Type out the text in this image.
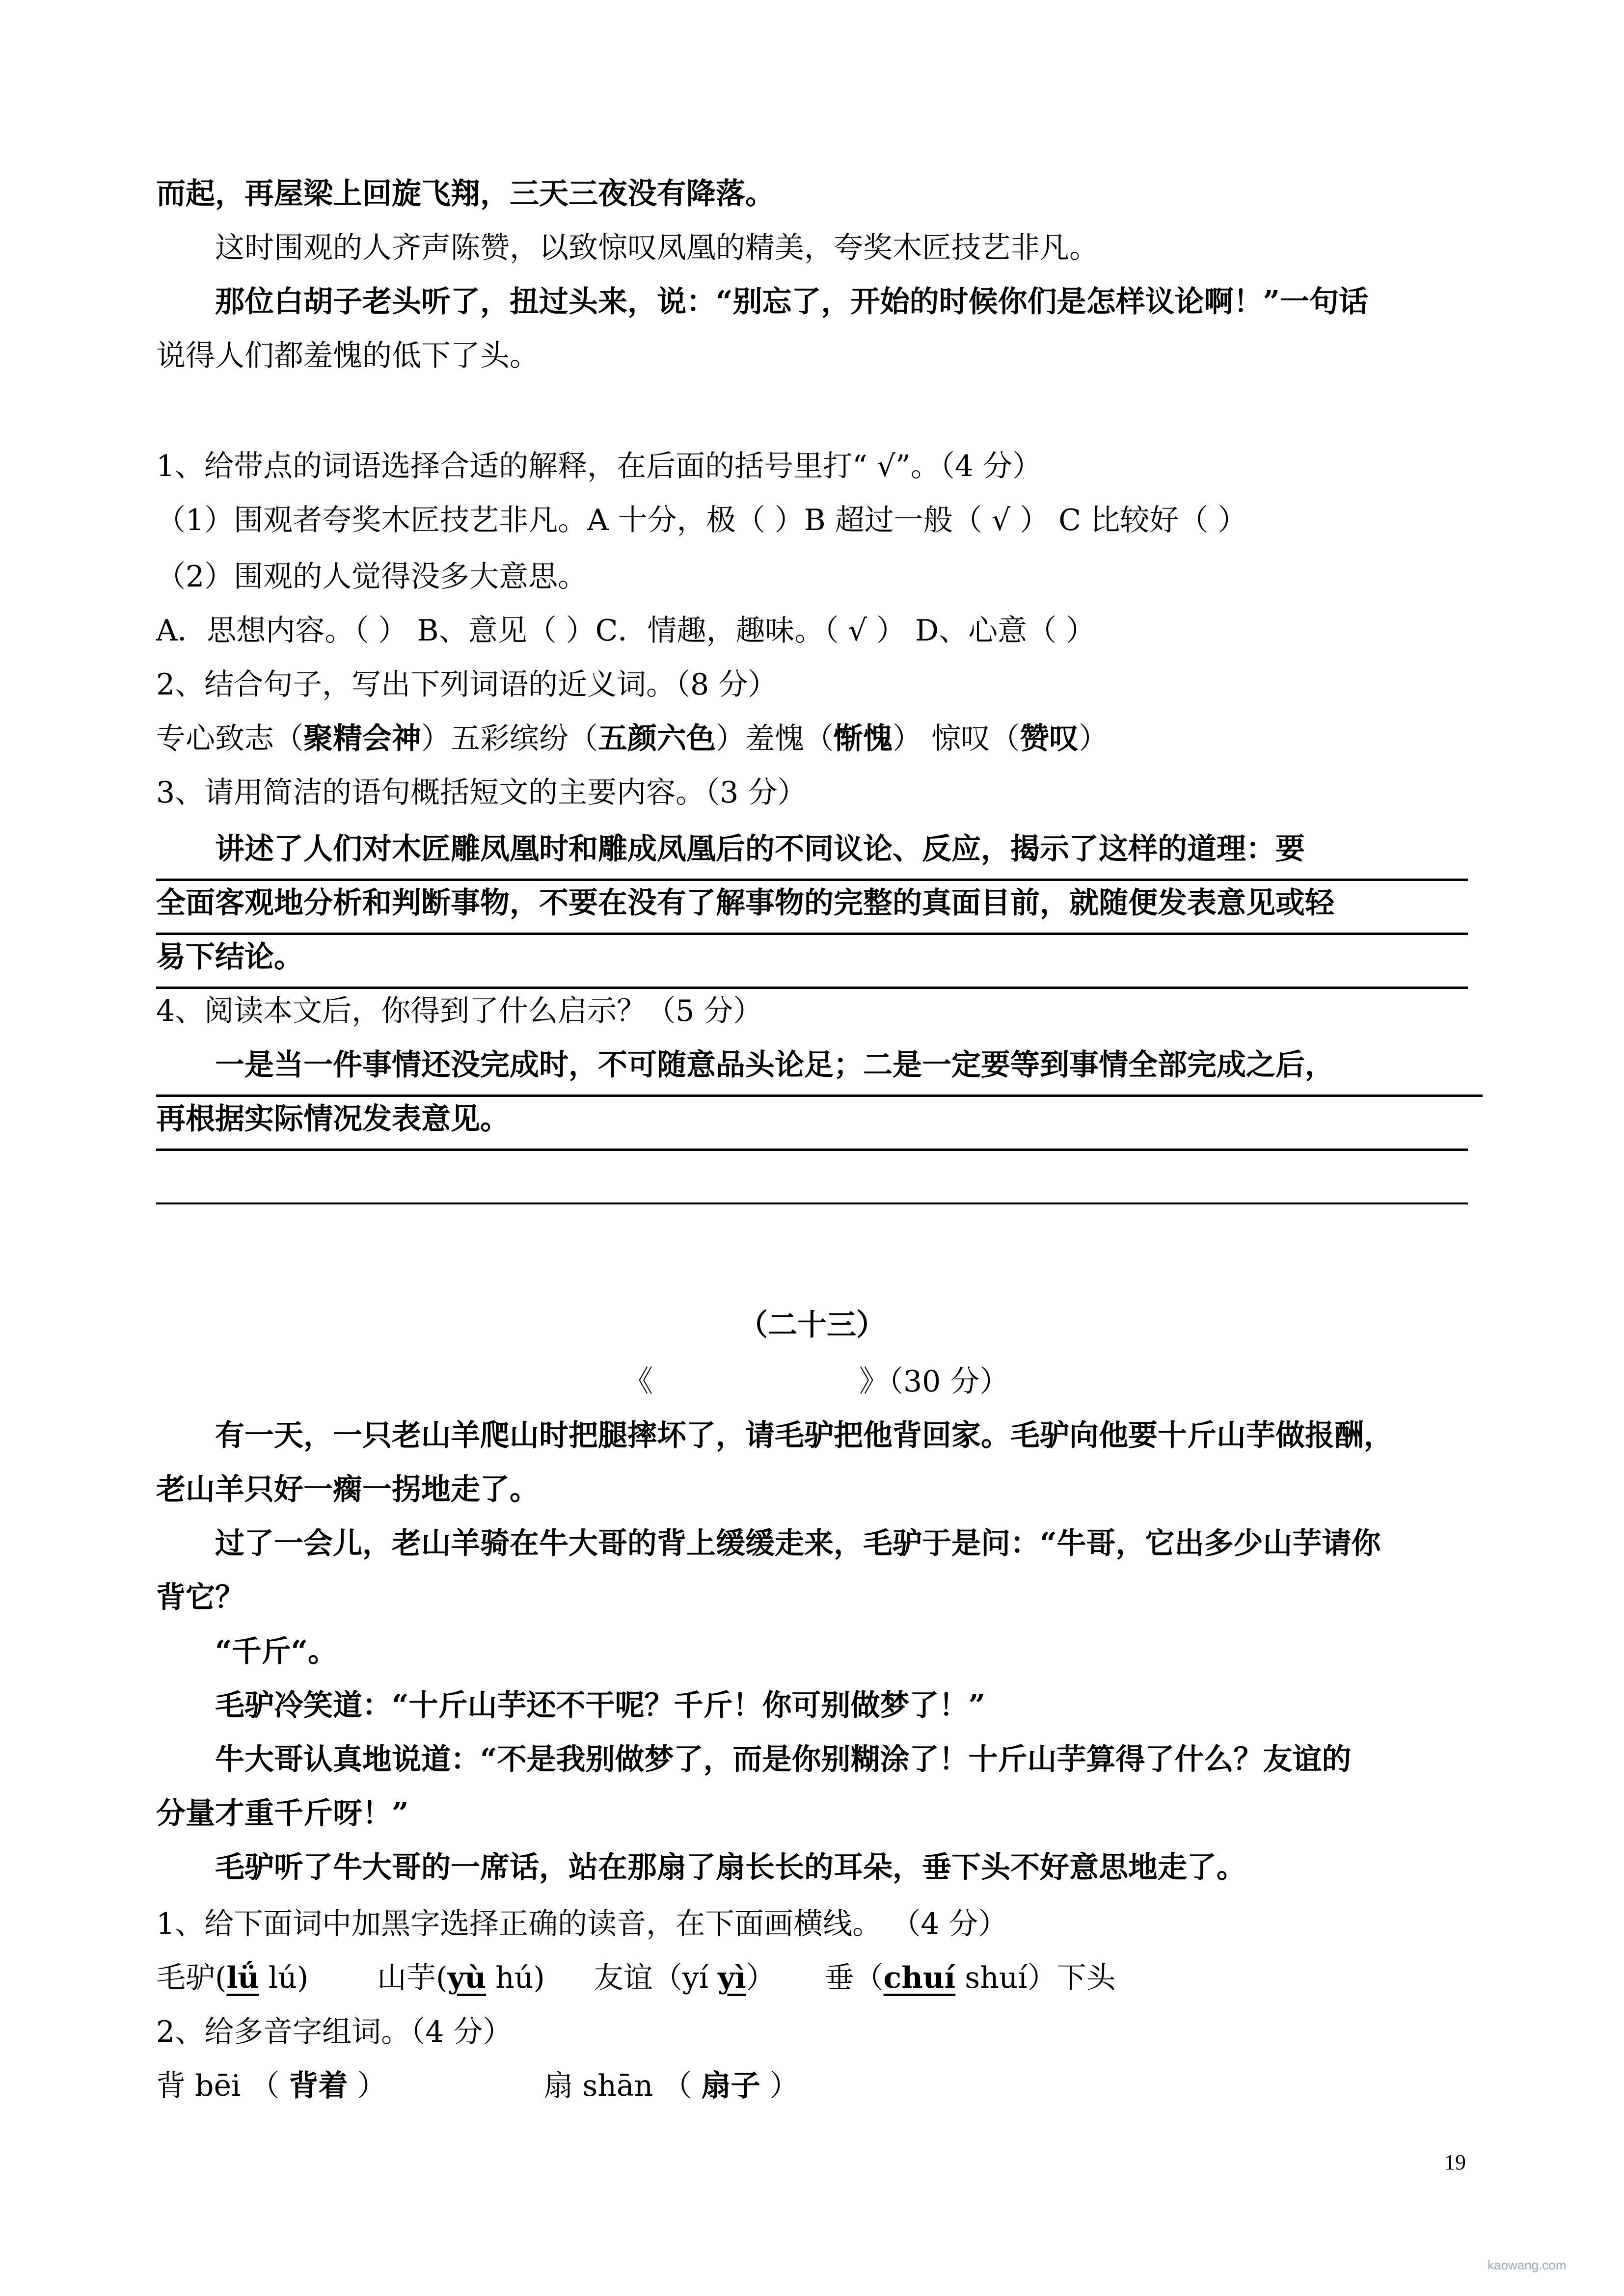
而起，再屋梁上回旋飞翔，三天三夜没有降落。
这时围观的人齐声陈赞，以致惊叹凤凰的精美，夸奖木匠技艺非凡。
那位白胡子老头听了，扭过头来，说：“别忘了，开始的时候你们是怎样议论啊！”一句话
说得人们都羞愧的低下了头。
1、给带点的词语选择合适的解释，在后面的括号里打“ √”。（4 分）
（1）围观者夸奖木匠技艺非凡。A 十分，极（ ）B 超过一般（ √ ） C 比较好（ ）
（2）围观的人觉得没多大意思。
A．思想内容。（ ） B、意见（ ）C．情趣，趣味。（ √ ） D、心意（ ）
2、结合句子，写出下列词语的近义词。（8 分）
专心致志（聚精会神）五彩缤纷（五颜六色）羞愧（惭愧） 惊叹（赞叹）
3、请用简洁的语句概括短文的主要内容。（3 分）
讲述了人们对木匠雕凤凰时和雕成凤凰后的不同议论、反应，揭示了这样的道理：要
全面客观地分析和判断事物，不要在没有了解事物的完整的真面目前，就随便发表意见或轻
易下结论。
4、阅读本文后，你得到了什么启示？（5 分）
一是当一件事情还没完成时，不可随意品头论足；二是一定要等到事情全部完成之后，
再根据实际情况发表意见。
（二十三）
《	》（30 分）
有一天，一只老山羊爬山时把腿摔坏了，请毛驴把他背回家。毛驴向他要十斤山芋做报酬，
老山羊只好一瘸一拐地走了。
过了一会儿，老山羊骑在牛大哥的背上缓缓走来，毛驴于是问：“牛哥，它出多少山芋请你
背它？
“千斤“。
毛驴冷笑道：“十斤山芋还不干呢？千斤！你可别做梦了！”
牛大哥认真地说道：“不是我别做梦了，而是你别糊涂了！十斤山芋算得了什么？友谊的
分量才重千斤呀！”
毛驴听了牛大哥的一席话，站在那扇了扇长长的耳朵，垂下头不好意思地走了。
1、给下面词中加黑字选择正确的读音，在下面画横线。 （4 分）
毛驴(lǘ lú) 山芋(yù hú) 友谊（yí yì） 垂（chuí shuí）下头
2、给多音字组词。（4 分）
背 bēi （ 背着 ）	扇 shān （ 扇子 ）
19
kaowang.com
